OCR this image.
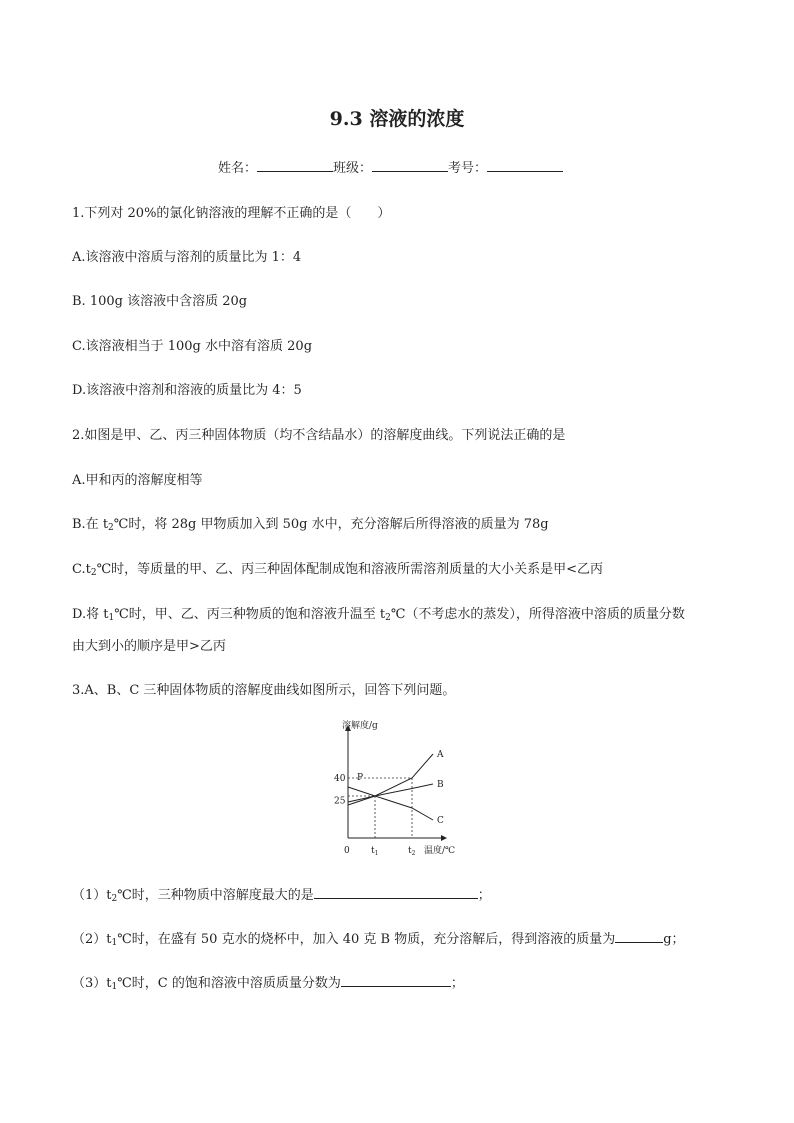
9.3 溶液的浓度
姓名：	班级：	考号：
1.下列对 20%的氯化钠溶液的理解不正确的是（　　）
A.该溶液中溶质与溶剂的质量比为 1：4
B. 100g 该溶液中含溶质 20g
C.该溶液相当于 100g 水中溶有溶质 20g
D.该溶液中溶剂和溶液的质量比为 4：5
2.如图是甲、乙、丙三种固体物质（均不含结晶水）的溶解度曲线。下列说法正确的是
A.甲和丙的溶解度相等
B.在 $t_2℃$时，将 28g 甲物质加入到 50g 水中，充分溶解后所得溶液的质量为 78g
$C.t_2℃$时，等质量的甲、乙、丙三种固体配制成饱和溶液所需溶剂质量的大小关系是甲<乙丙
D.将 $t_1℃$时，甲、乙、丙三种物质的饱和溶液升温至 $t_2℃$（不考虑水的蒸发），所得溶液中溶质的质量分数
由大到小的顺序是甲>乙丙
3.A、B、C 三种固体物质的溶解度曲线如图所示，回答下列问题。
溶解度/g
温度/℃
0
40
25
$t_1$	$t_2$
A
B
C
P
$(1)t_2℃$时，三种物质中溶解度最大的是	；
$(2)t_1℃$时，在盛有 50 克水的烧杯中，加入 40 克 B 物质，充分溶解后，得到溶液的质量为	g；
$(3)t_1℃$时，C 的饱和溶液中溶质质量分数为	；
